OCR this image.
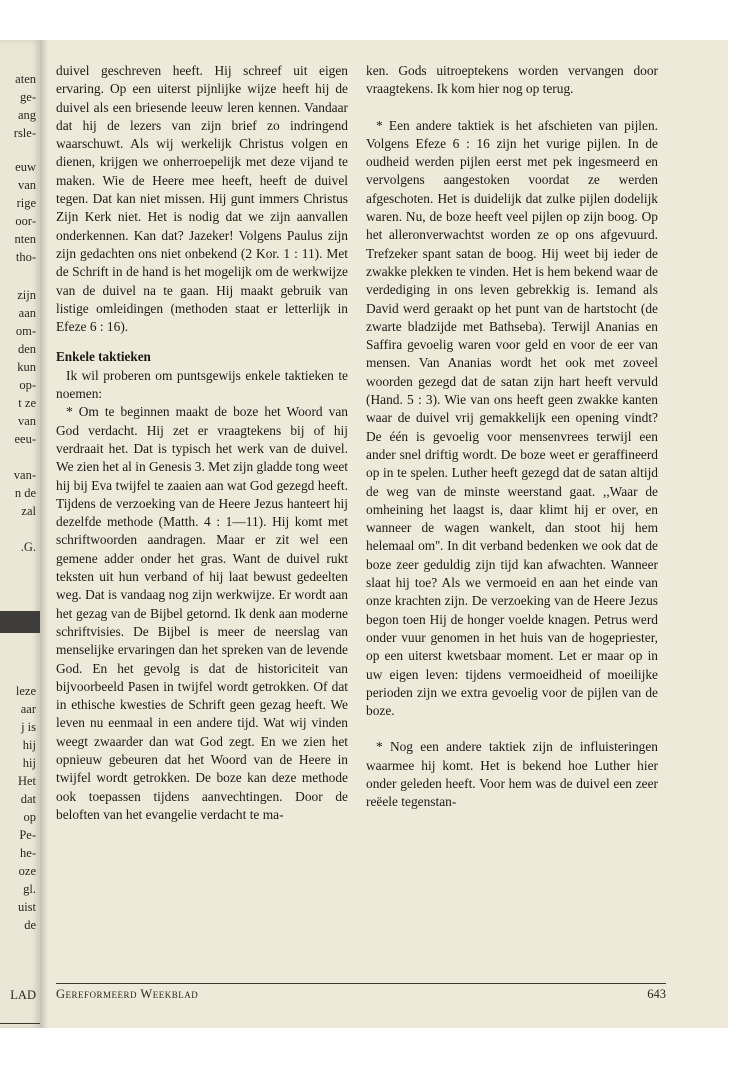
aten
ge-
ang
rsle-
euw
van
rige
oor-
nten
tho-
zijn
aan
om-
den
kun
op-
t ze
van
eeu-
van-
n de
zal
.G.
leze
aar
j is
hij
hij
Het
dat
op
Pe-
he-
oze
gl.
uist
de
LAD

duivel geschreven heeft. Hij schreef uit eigen ervaring. Op een uiterst pijnlijke wijze heeft hij de duivel als een briesende leeuw leren kennen. Vandaar dat hij de lezers van zijn brief zo indringend waarschuwt. Als wij werkelijk Christus volgen en dienen, krijgen we onherroepelijk met deze vijand te maken. Wie de Heere mee heeft, heeft de duivel tegen. Dat kan niet missen. Hij gunt immers Christus Zijn Kerk niet. Het is nodig dat we zijn aanvallen onderkennen. Kan dat? Jazeker! Volgens Paulus zijn zijn gedachten ons niet onbekend (2 Kor. 1 : 11). Met de Schrift in de hand is het mogelijk om de werkwijze van de duivel na te gaan. Hij maakt gebruik van listige omleidingen (methoden staat er letterlijk in Efeze 6 : 16).

Enkele taktieken

Ik wil proberen om puntsgewijs enkele taktieken te noemen:

* Om te beginnen maakt de boze het Woord van God verdacht. Hij zet er vraagtekens bij of hij verdraait het. Dat is typisch het werk van de duivel. We zien het al in Genesis 3. Met zijn gladde tong weet hij bij Eva twijfel te zaaien aan wat God gezegd heeft. Tijdens de verzoeking van de Heere Jezus hanteert hij dezelfde methode (Matth. 4 : 1—11). Hij komt met schriftwoorden aandragen. Maar er zit wel een gemene adder onder het gras. Want de duivel rukt teksten uit hun verband of hij laat bewust gedeelten weg. Dat is vandaag nog zijn werkwijze. Er wordt aan het gezag van de Bijbel getornd. Ik denk aan moderne schriftvisies. De Bijbel is meer de neerslag van menselijke ervaringen dan het spreken van de levende God. En het gevolg is dat de historiciteit van bijvoorbeeld Pasen in twijfel wordt getrokken. Of dat in ethische kwesties de Schrift geen gezag heeft. We leven nu eenmaal in een andere tijd. Wat wij vinden weegt zwaarder dan wat God zegt. En we zien het opnieuw gebeuren dat het Woord van de Heere in twijfel wordt getrokken. De boze kan deze methode ook toepassen tijdens aanvechtingen. Door de beloften van het evangelie verdacht te ma-

ken. Gods uitroeptekens worden vervangen door vraagtekens. Ik kom hier nog op terug.

* Een andere taktiek is het afschieten van pijlen. Volgens Efeze 6 : 16 zijn het vurige pijlen. In de oudheid werden pijlen eerst met pek ingesmeerd en vervolgens aangestoken voordat ze werden afgeschoten. Het is duidelijk dat zulke pijlen dodelijk waren. Nu, de boze heeft veel pijlen op zijn boog. Op het alleronverwachtst worden ze op ons afgevuurd. Trefzeker spant satan de boog. Hij weet bij ieder de zwakke plekken te vinden. Het is hem bekend waar de verdediging in ons leven gebrekkig is. Iemand als David werd geraakt op het punt van de hartstocht (de zwarte bladzijde met Bathseba). Terwijl Ananias en Saffira gevoelig waren voor geld en voor de eer van mensen. Van Ananias wordt het ook met zoveel woorden gezegd dat de satan zijn hart heeft vervuld (Hand. 5 : 3). Wie van ons heeft geen zwakke kanten waar de duivel vrij gemakkelijk een opening vindt? De één is gevoelig voor mensenvrees terwijl een ander snel driftig wordt. De boze weet er geraffineerd op in te spelen. Luther heeft gezegd dat de satan altijd de weg van de minste weerstand gaat. ,,Waar de omheining het laagst is, daar klimt hij er over, en wanneer de wagen wankelt, dan stoot hij hem helemaal om''. In dit verband bedenken we ook dat de boze zeer geduldig zijn tijd kan afwachten. Wanneer slaat hij toe? Als we vermoeid en aan het einde van onze krachten zijn. De verzoeking van de Heere Jezus begon toen Hij de honger voelde knagen. Petrus werd onder vuur genomen in het huis van de hogepriester, op een uiterst kwetsbaar moment. Let er maar op in uw eigen leven: tijdens vermoeidheid of moeilijke perioden zijn we extra gevoelig voor de pijlen van de boze.

* Nog een andere taktiek zijn de influisteringen waarmee hij komt. Het is bekend hoe Luther hier onder geleden heeft. Voor hem was de duivel een zeer reëele tegenstan-

Gereformeerd Weekblad	643
